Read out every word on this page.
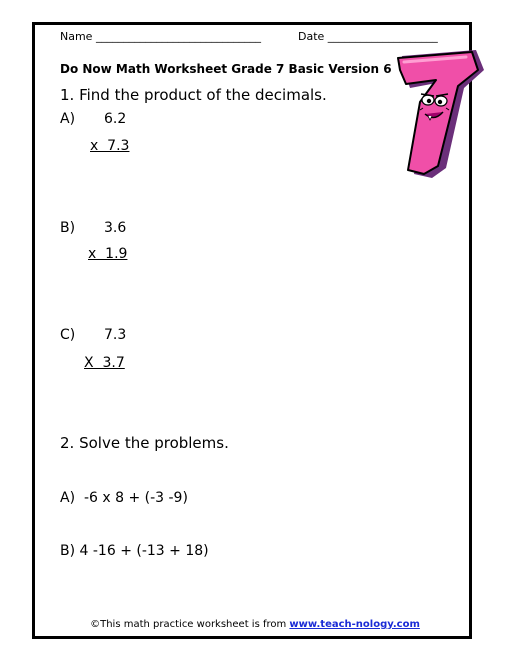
Name ______________________________	Date ____________________
Do Now Math Worksheet Grade 7 Basic Version 6
1. Find the product of the decimals.
A) 6.2
x  7.3
B) 3.6
x  1.9
C) 7.3
X  3.7
2. Solve the problems.
A)  -6 x 8 + (-3 -9)
B) 4 -16 + (-13 + 18)
©This math practice worksheet is from www.teach-nology.com
